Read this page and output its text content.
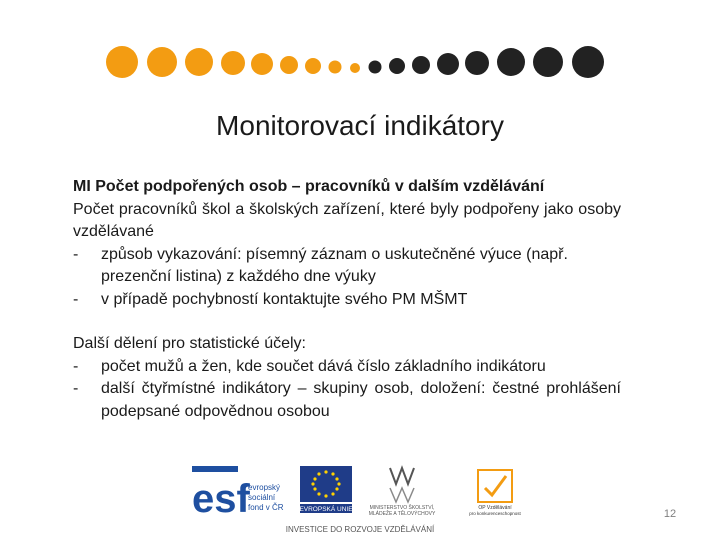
Monitorovací indikátory
MI Počet podpořených osob – pracovníků v dalším vzdělávání
Počet pracovníků škol a školských zařízení, které byly podpořeny jako osoby vzdělávané
-	způsob vykazování: písemný záznam o uskutečněné výuce (např. prezenční listina) z každého dne výuky
-	v případě pochybností kontaktujte svého PM MŠMT
Další dělení pro statistické účely:
-	počet mužů a žen, kde součet dává číslo základního indikátoru
-	další čtyřmístné indikátory – skupiny osob, doložení: čestné prohlášení podepsané odpovědnou osobou
esf
evropský
sociální
fond v ČR EVROPSKÁ UNIE	MINISTERSTVO ŠKOLSTVÍ,
MLÁDEŽE A TĚLOVÝCHOVY
OP Vzdělávání
pro konkurenceschopnost
INVESTICE DO ROZVOJE VZDĚLÁVÁNÍ
12
